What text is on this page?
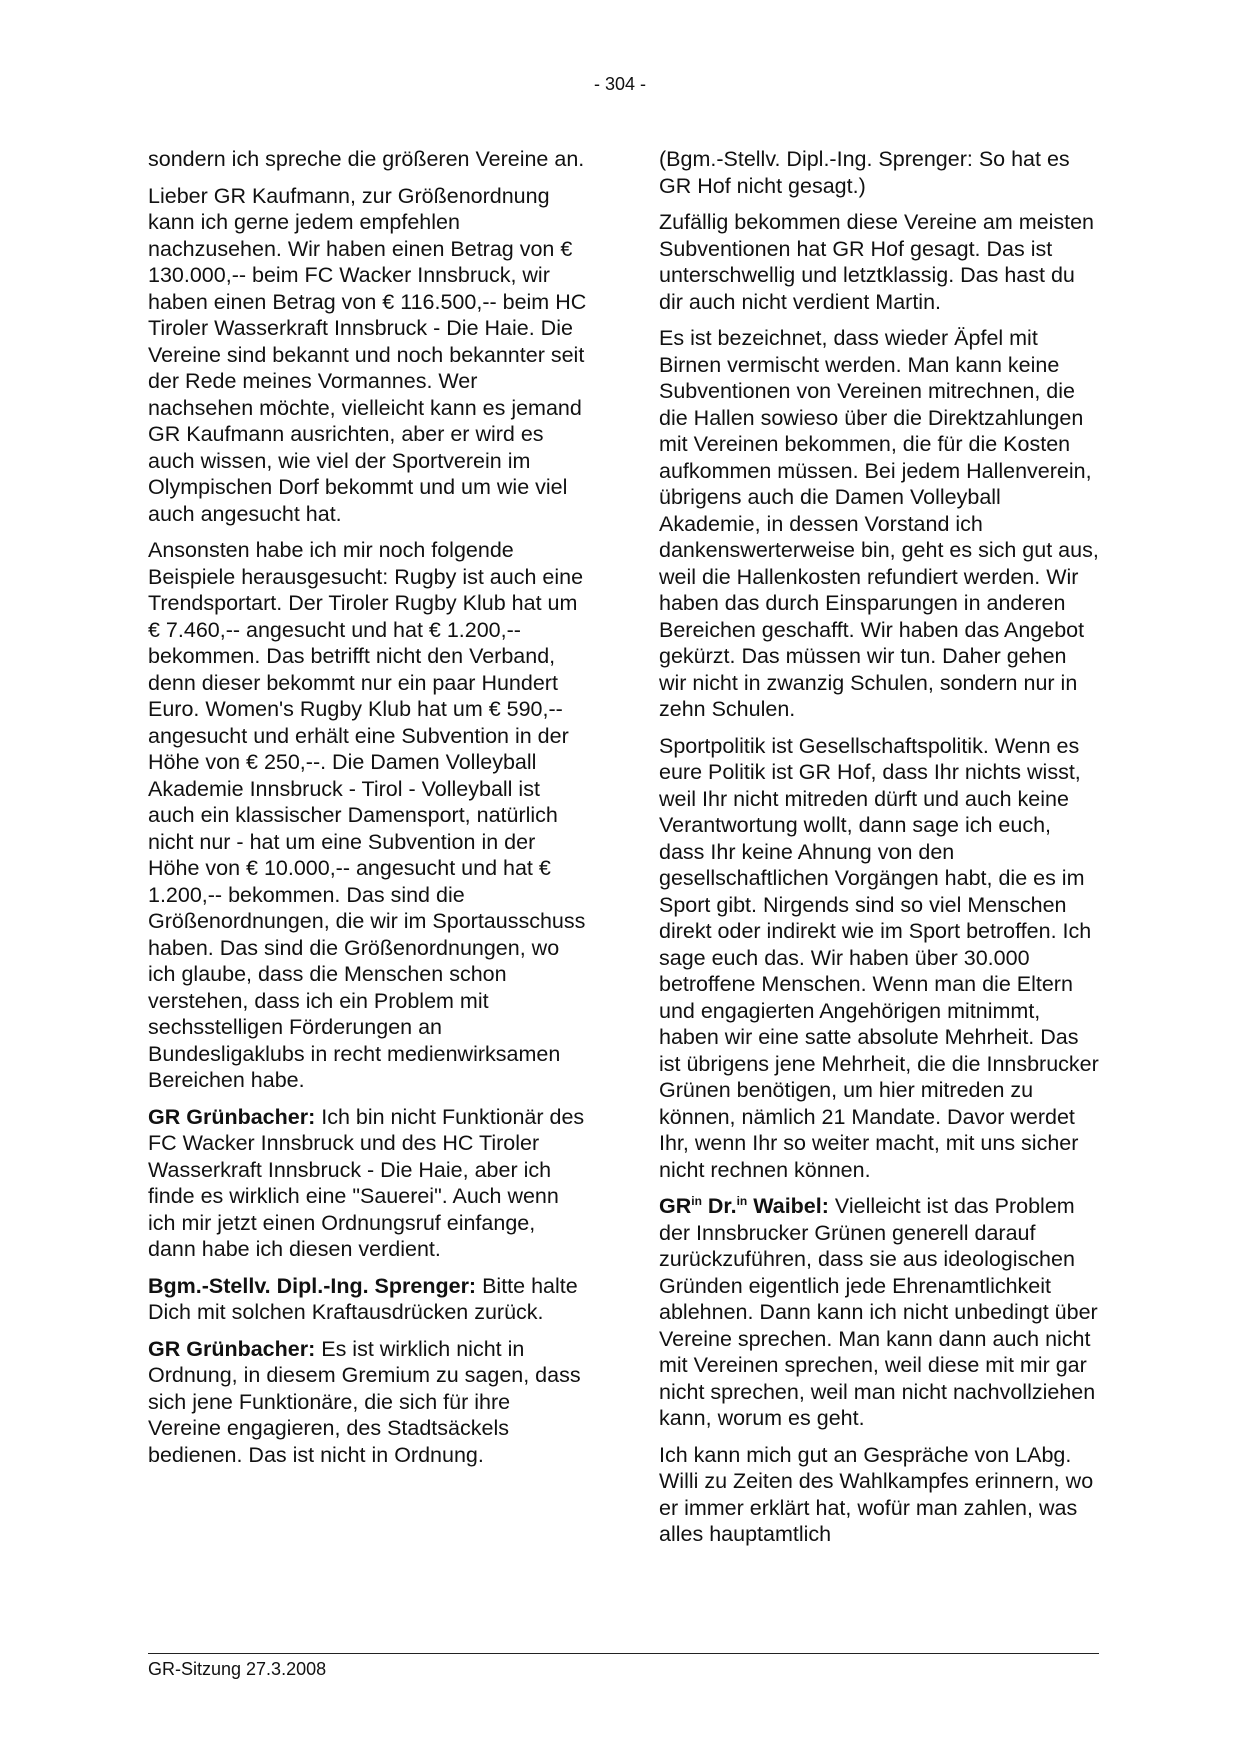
- 304 -

sondern ich spreche die größeren Vereine an.

Lieber GR Kaufmann, zur Größenordnung kann ich gerne jedem empfehlen nachzusehen. Wir haben einen Betrag von € 130.000,-- beim FC Wacker Innsbruck, wir haben einen Betrag von € 116.500,-- beim HC Tiroler Wasserkraft Innsbruck - Die Haie. Die Vereine sind bekannt und noch bekannter seit der Rede meines Vormannes. Wer nachsehen möchte, vielleicht kann es jemand GR Kaufmann ausrichten, aber er wird es auch wissen, wie viel der Sportverein im Olympischen Dorf bekommt und um wie viel auch angesucht hat.

Ansonsten habe ich mir noch folgende Beispiele herausgesucht: Rugby ist auch eine Trendsportart. Der Tiroler Rugby Klub hat um € 7.460,-- angesucht und hat € 1.200,-- bekommen. Das betrifft nicht den Verband, denn dieser bekommt nur ein paar Hundert Euro. Women's Rugby Klub hat um € 590,-- angesucht und erhält eine Subvention in der Höhe von € 250,--. Die Damen Volleyball Akademie Innsbruck - Tirol - Volleyball ist auch ein klassischer Damensport, natürlich nicht nur - hat um eine Subvention in der Höhe von € 10.000,-- angesucht und hat € 1.200,-- bekommen. Das sind die Größenordnungen, die wir im Sportausschuss haben. Das sind die Größenordnungen, wo ich glaube, dass die Menschen schon verstehen, dass ich ein Problem mit sechsstelligen Förderungen an Bundesligaklubs in recht medienwirksamen Bereichen habe.

GR Grünbacher: Ich bin nicht Funktionär des FC Wacker Innsbruck und des HC Tiroler Wasserkraft Innsbruck - Die Haie, aber ich finde es wirklich eine "Sauerei". Auch wenn ich mir jetzt einen Ordnungsruf einfange, dann habe ich diesen verdient.

Bgm.-Stellv. Dipl.-Ing. Sprenger: Bitte halte Dich mit solchen Kraftausdrücken zurück.

GR Grünbacher: Es ist wirklich nicht in Ordnung, in diesem Gremium zu sagen, dass sich jene Funktionäre, die sich für ihre Vereine engagieren, des Stadtsäckels bedienen. Das ist nicht in Ordnung.

(Bgm.-Stellv. Dipl.-Ing. Sprenger: So hat es GR Hof nicht gesagt.)

Zufällig bekommen diese Vereine am meisten Subventionen hat GR Hof gesagt. Das ist unterschwellig und letztklassig. Das hast du dir auch nicht verdient Martin.

Es ist bezeichnet, dass wieder Äpfel mit Birnen vermischt werden. Man kann keine Subventionen von Vereinen mitrechnen, die die Hallen sowieso über die Direktzahlungen mit Vereinen bekommen, die für die Kosten aufkommen müssen. Bei jedem Hallenverein, übrigens auch die Damen Volleyball Akademie, in dessen Vorstand ich dankenswerterweise bin, geht es sich gut aus, weil die Hallenkosten refundiert werden. Wir haben das durch Einsparungen in anderen Bereichen geschafft. Wir haben das Angebot gekürzt. Das müssen wir tun. Daher gehen wir nicht in zwanzig Schulen, sondern nur in zehn Schulen.

Sportpolitik ist Gesellschaftspolitik. Wenn es eure Politik ist GR Hof, dass Ihr nichts wisst, weil Ihr nicht mitreden dürft und auch keine Verantwortung wollt, dann sage ich euch, dass Ihr keine Ahnung von den gesellschaftlichen Vorgängen habt, die es im Sport gibt. Nirgends sind so viel Menschen direkt oder indirekt wie im Sport betroffen. Ich sage euch das. Wir haben über 30.000 betroffene Menschen. Wenn man die Eltern und engagierten Angehörigen mitnimmt, haben wir eine satte absolute Mehrheit. Das ist übrigens jene Mehrheit, die die Innsbrucker Grünen benötigen, um hier mitreden zu können, nämlich 21 Mandate. Davor werdet Ihr, wenn Ihr so weiter macht, mit uns sicher nicht rechnen können.

$GR^{in}$ Dr.$^{in}$ Waibel: Vielleicht ist das Problem der Innsbrucker Grünen generell darauf zurückzuführen, dass sie aus ideologischen Gründen eigentlich jede Ehrenamtlichkeit ablehnen. Dann kann ich nicht unbedingt über Vereine sprechen. Man kann dann auch nicht mit Vereinen sprechen, weil diese mit mir gar nicht sprechen, weil man nicht nachvollziehen kann, worum es geht.

Ich kann mich gut an Gespräche von LAbg. Willi zu Zeiten des Wahlkampfes erinnern, wo er immer erklärt hat, wofür man zahlen, was alles hauptamtlich

GR-Sitzung 27.3.2008
